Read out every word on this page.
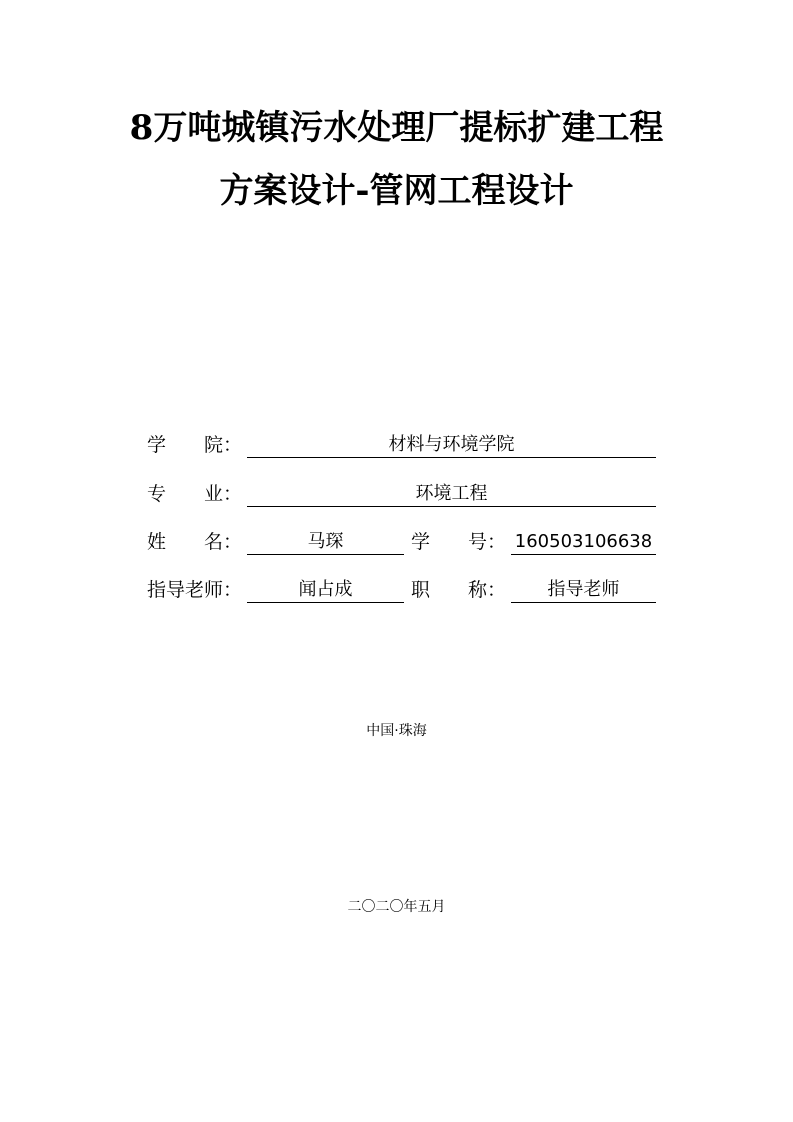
8万吨城镇污水处理厂提标扩建工程
方案设计-管网工程设计
学　　院：	材料与环境学院
专　　业：	环境工程
姓　　名：	马琛	学　　号： 160503106638
指导老师：	闻占成	职　　称：	指导老师
中国·珠海
二〇二〇年五月
